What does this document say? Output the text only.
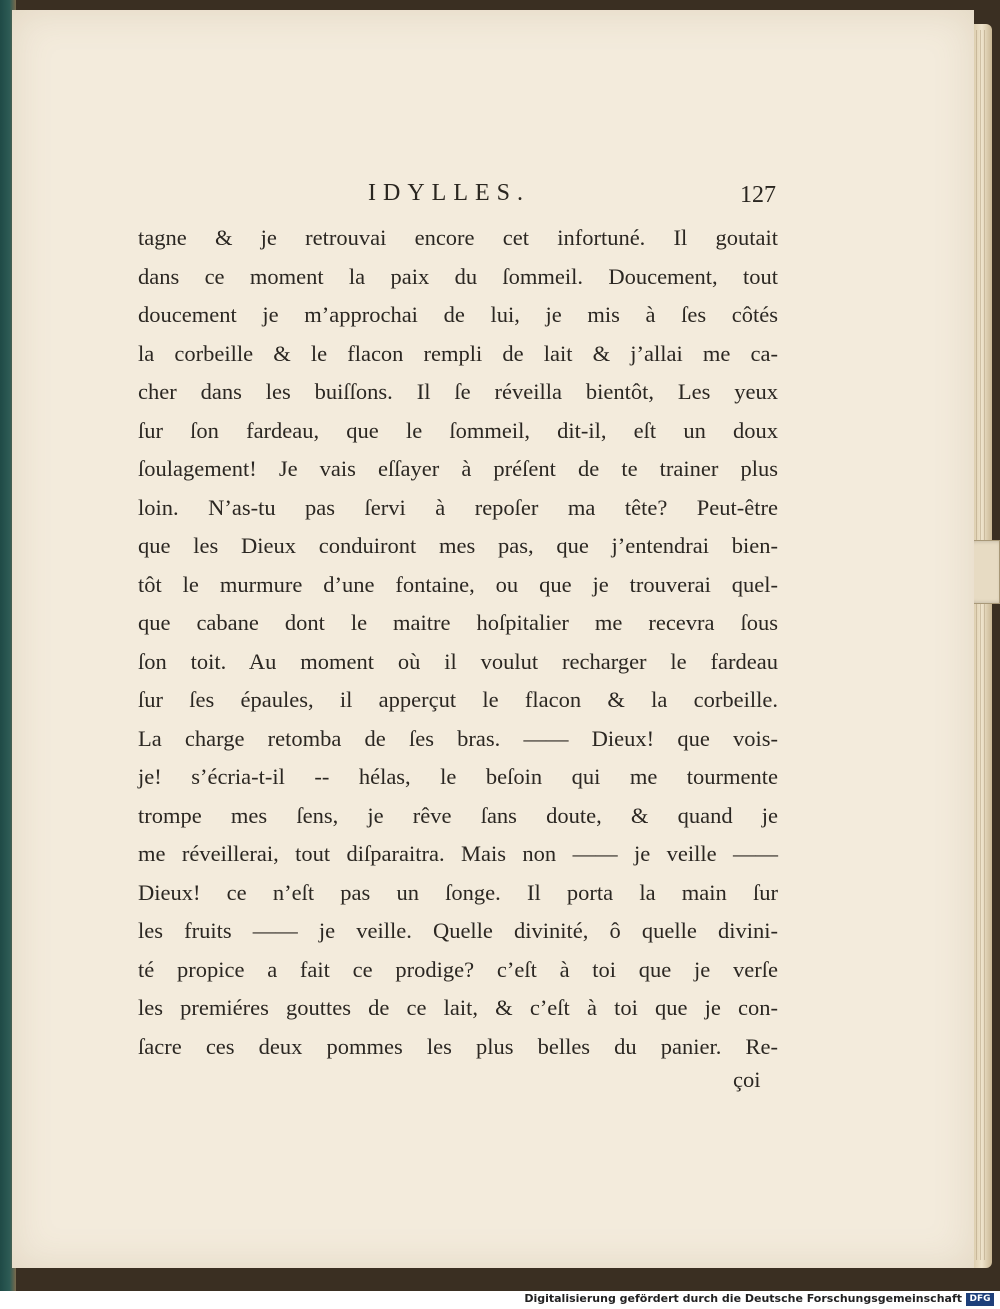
IDYLLES.	127
tagne & je retrouvai encore cet infortuné. Il goutait
dans ce moment la paix du ſommeil. Doucement, tout
doucement je m’approchai de lui, je mis à ſes côtés
la corbeille & le flacon rempli de lait & j’allai me ca-
cher dans les buiſſons. Il ſe réveilla bientôt, Les yeux
ſur ſon fardeau, que le ſommeil, dit-il, eſt un doux
ſoulagement! Je vais eſſayer à préſent de te trainer plus
loin. N’as-tu pas ſervi à repoſer ma tête? Peut-être
que les Dieux conduiront mes pas, que j’entendrai bien-
tôt le murmure d’une fontaine, ou que je trouverai quel-
que cabane dont le maitre hoſpitalier me recevra ſous
ſon toit. Au moment où il voulut recharger le fardeau
ſur ſes épaules, il apperçut le flacon & la corbeille.
La charge retomba de ſes bras. —— Dieux! que vois-
je! s’écria-t-il -- hélas, le beſoin qui me tourmente
trompe mes ſens, je rêve ſans doute, & quand je
me réveillerai, tout diſparaitra. Mais non —— je veille ——
Dieux! ce n’eſt pas un ſonge. Il porta la main ſur
les fruits —— je veille. Quelle divinité, ô quelle divini-
té propice a fait ce prodige? c’eſt à toi que je verſe
les premiéres gouttes de ce lait, & c’eſt à toi que je con-
ſacre ces deux pommes les plus belles du panier. Re-
çoi
Digitalisierung gefördert durch die Deutsche Forschungsgemeinschaft DFG
